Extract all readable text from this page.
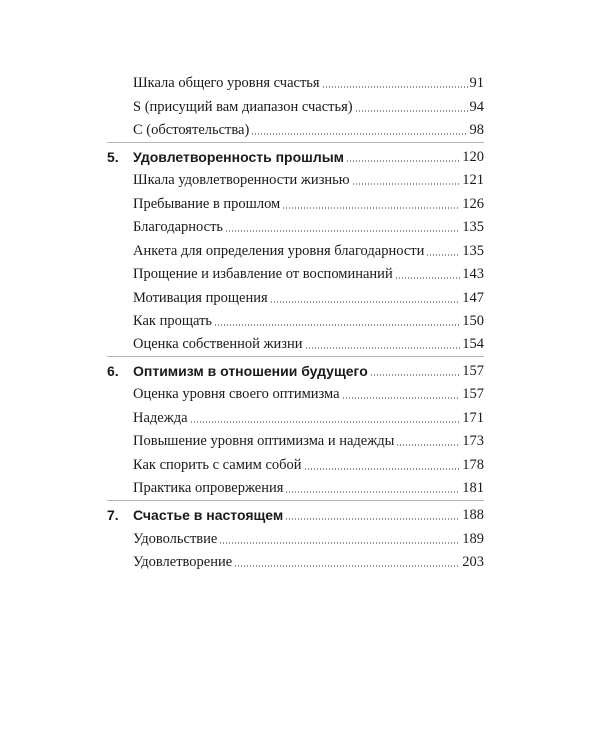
Шкала общего уровня счастья	91
S (присущий вам диапазон счастья)	94
C (обстоятельства)	98
5. Удовлетворенность прошлым	120
Шкала удовлетворенности жизнью	121
Пребывание в прошлом	126
Благодарность	135
Анкета для определения уровня благодарности	135
Прощение и избавление от воспоминаний	143
Мотивация прощения	147
Как прощать	150
Оценка собственной жизни	154
6. Оптимизм в отношении будущего	157
Оценка уровня своего оптимизма	157
Надежда	171
Повышение уровня оптимизма и надежды	173
Как спорить с самим собой	178
Практика опровержения	181
7. Счастье в настоящем	188
Удовольствие	189
Удовлетворение	203
